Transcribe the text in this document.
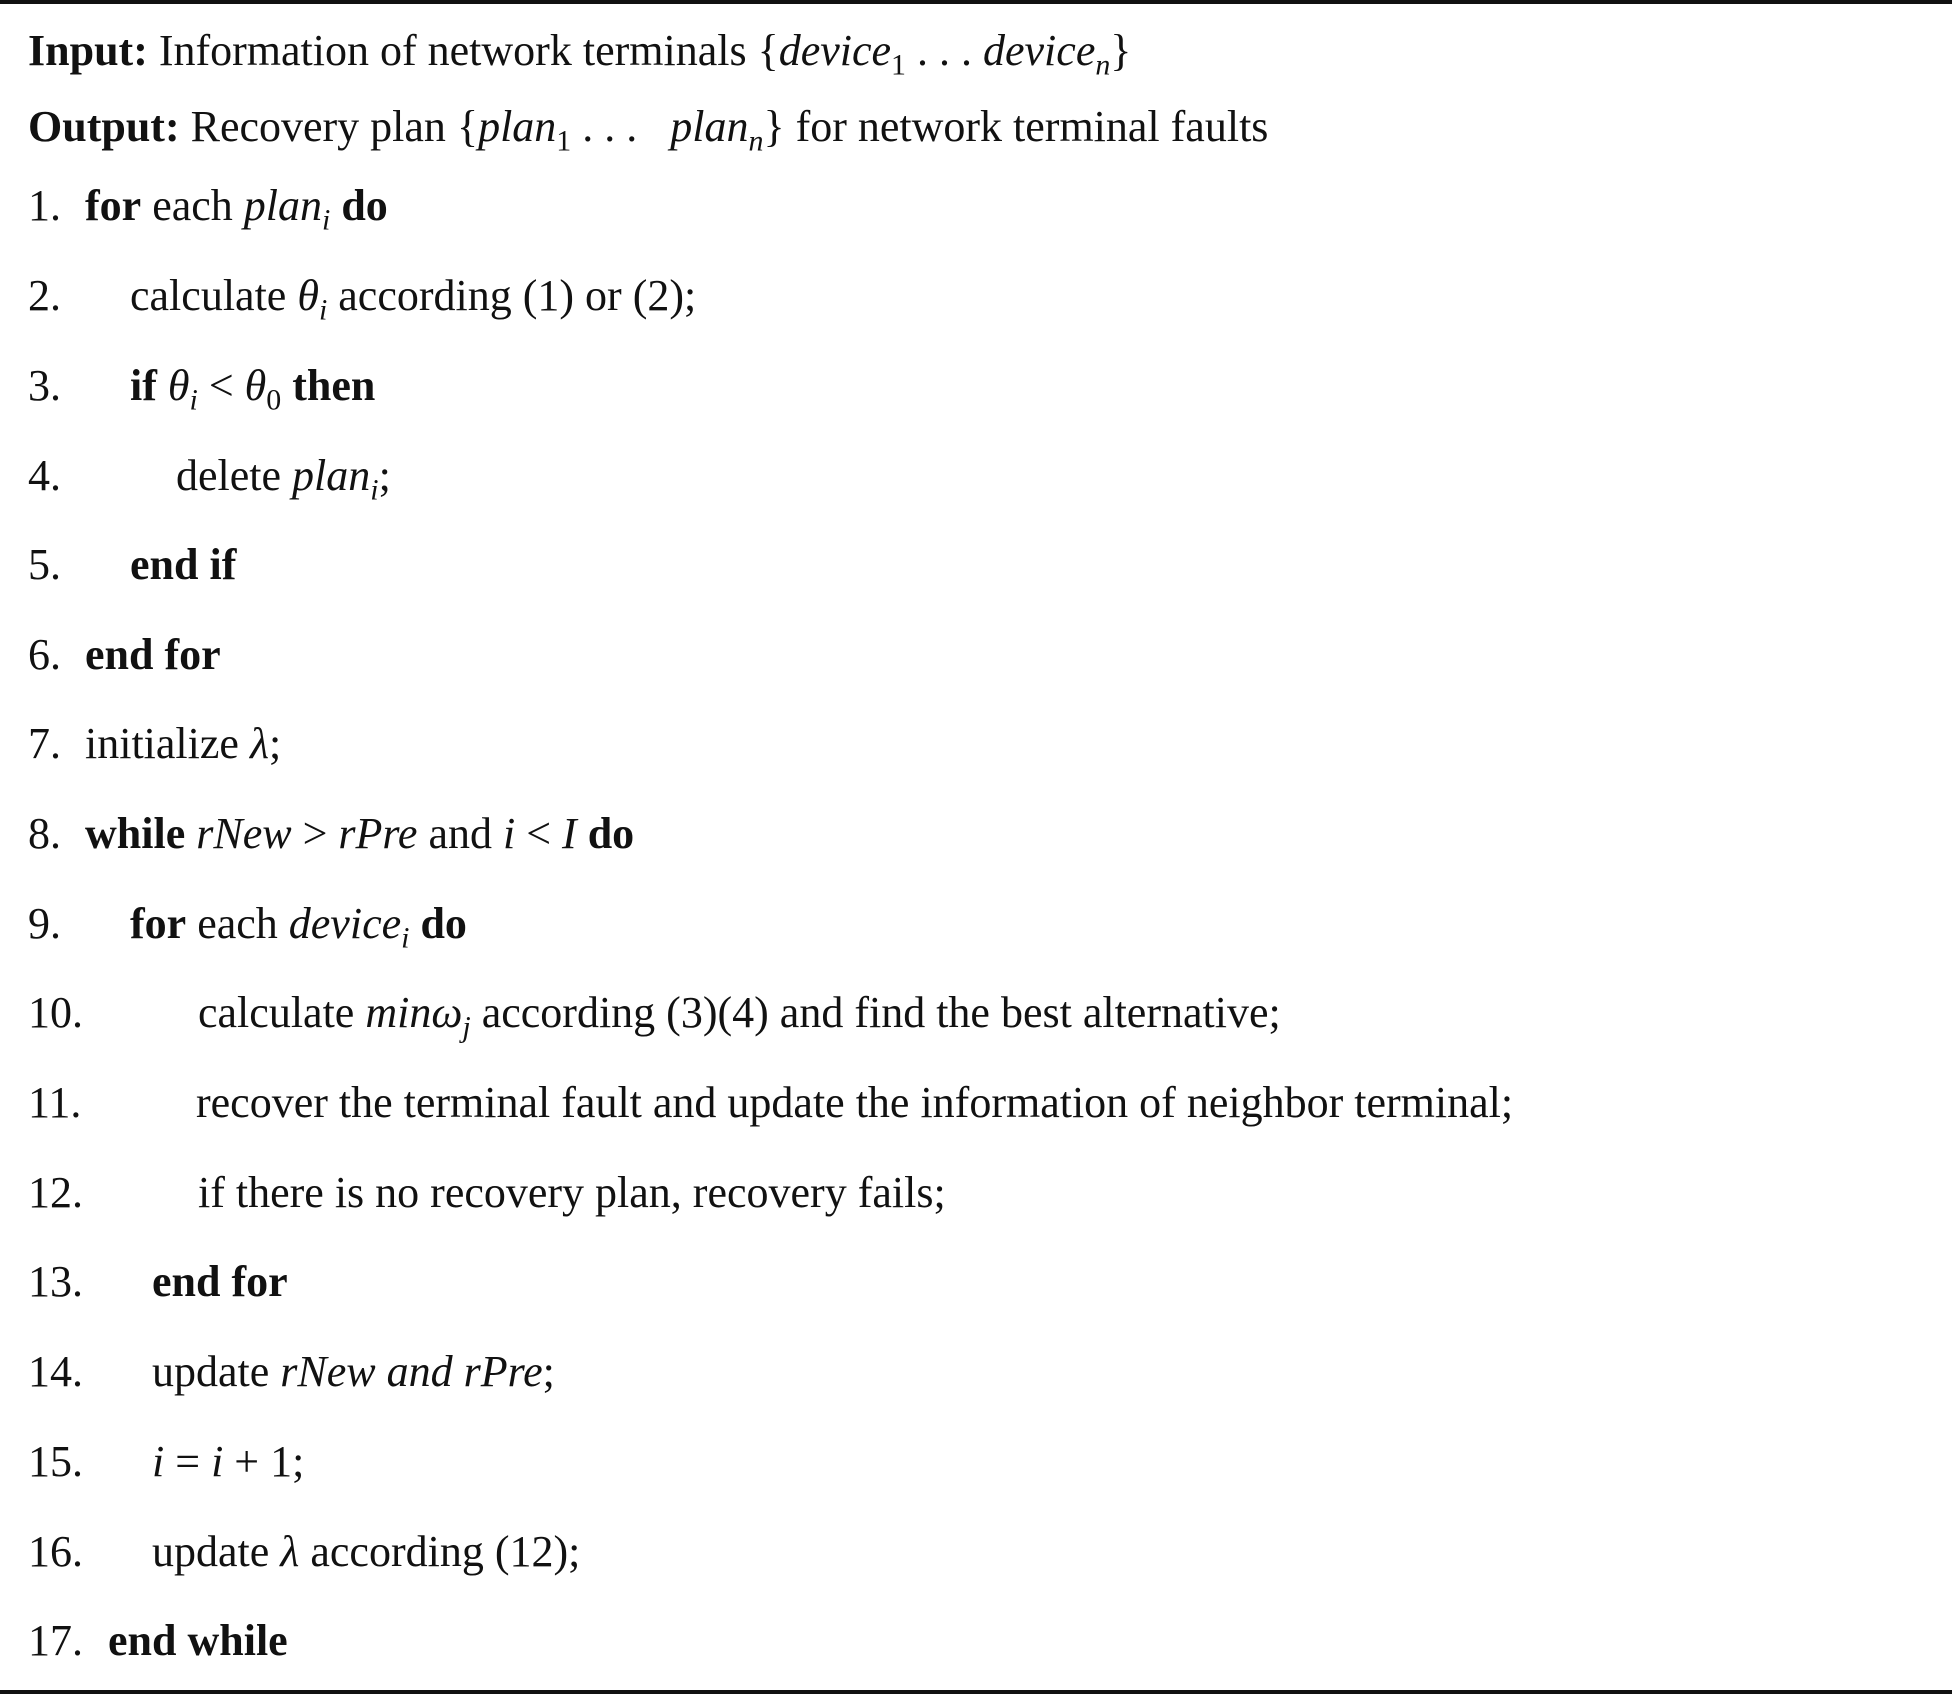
Input: Information of network terminals {device$_1$ . . . device$_n$}
Output: Recovery plan {plan$_1$ . . .   plan$_n$} for network terminal faults
1. for each plan$_i$ do
2. calculate $\theta_i$ according (1) or (2);
3. if $\theta_i < \theta_0$ then
4.	delete plan$_i$;
5. end if
6. end for
7. initialize λ;
8. while rNew > rPre and i < I do
9. for each device$_i$ do
10.	calculate minω$_j$ according (3)(4) and find the best alternative;
11.	recover the terminal fault and update the information of neighbor terminal;
12.	if there is no recovery plan, recovery fails;
13. end for
14. update rNew and rPre;
15. i = i + 1;
16. update λ according (12);
17. end while
